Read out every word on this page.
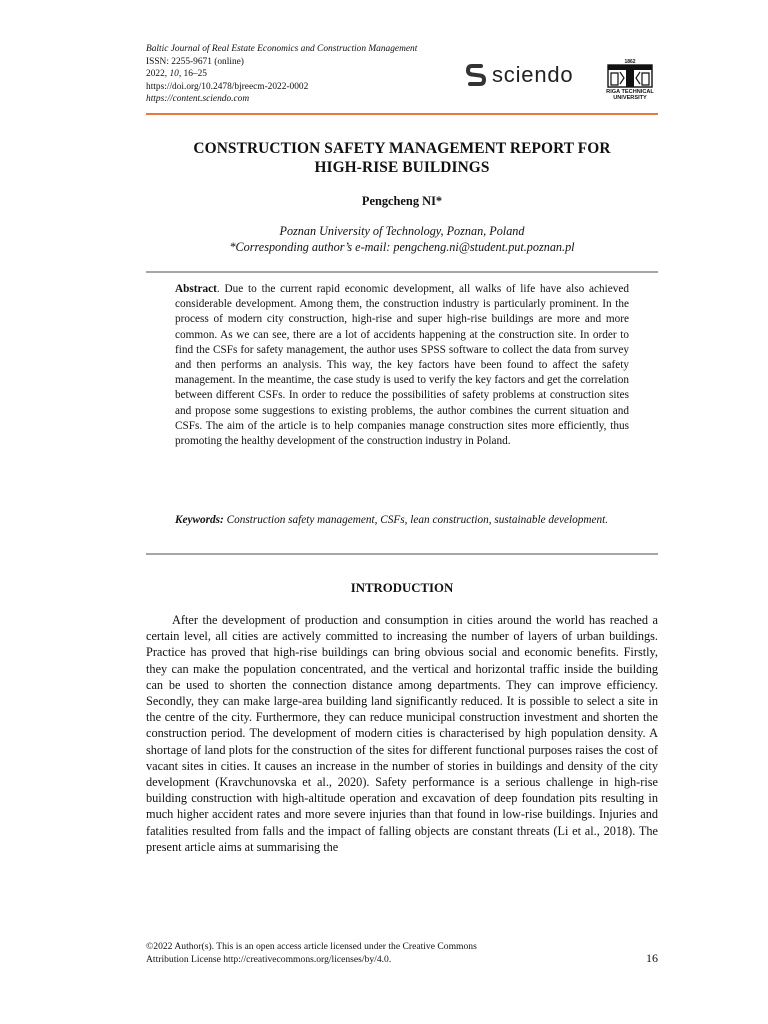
Baltic Journal of Real Estate Economics and Construction Management
ISSN: 2255-9671 (online)
2022, 10, 16–25
https://doi.org/10.2478/bjreecm-2022-0002
https://content.sciendo.com
sciendo	1862
RIGA TECHNICAL
UNIVERSITY
CONSTRUCTION SAFETY MANAGEMENT REPORT FOR
HIGH-RISE BUILDINGS
Pengcheng NI*
Poznan University of Technology, Poznan, Poland
*Corresponding author’s e-mail: pengcheng.ni@student.put.poznan.pl
Abstract. Due to the current rapid economic development, all walks of life have also achieved considerable development. Among them, the construction industry is particularly prominent. In the process of modern city construction, high-rise and super high-rise buildings are more and more common. As we can see, there are a lot of accidents happening at the construction site. In order to find the CSFs for safety management, the author uses SPSS software to collect the data from survey and then performs an analysis. This way, the key factors have been found to affect the safety management. In the meantime, the case study is used to verify the key factors and get the correlation between different CSFs. In order to reduce the possibilities of safety problems at construction sites and propose some suggestions to existing problems, the author combines the current situation and CSFs. The aim of the article is to help companies manage construction sites more efficiently, thus promoting the healthy development of the construction industry in Poland.
Keywords: Construction safety management, CSFs, lean construction, sustainable development.
INTRODUCTION
After the development of production and consumption in cities around the world has reached a certain level, all cities are actively committed to increasing the number of layers of urban buildings. Practice has proved that high-rise buildings can bring obvious social and economic benefits. Firstly, they can make the population concentrated, and the vertical and horizontal traffic inside the building can be used to shorten the connection distance among departments. They can improve efficiency. Secondly, they can make large-area building land significantly reduced. It is possible to select a site in the centre of the city. Furthermore, they can reduce municipal construction investment and shorten the construction period. The development of modern cities is characterised by high population density. A shortage of land plots for the construction of the sites for different functional purposes raises the cost of vacant sites in cities. It causes an increase in the number of stories in buildings and density of the city development (Kravchunovska et al., 2020). Safety performance is a serious challenge in high-rise building construction with high-altitude operation and excavation of deep foundation pits resulting in much higher accident rates and more severe injuries than that found in low-rise buildings. Injuries and fatalities resulted from falls and the impact of falling objects are constant threats (Li et al., 2018). The present article aims at summarising the
©2022 Author(s). This is an open access article licensed under the Creative Commons
Attribution License http://creativecommons.org/licenses/by/4.0.	16
